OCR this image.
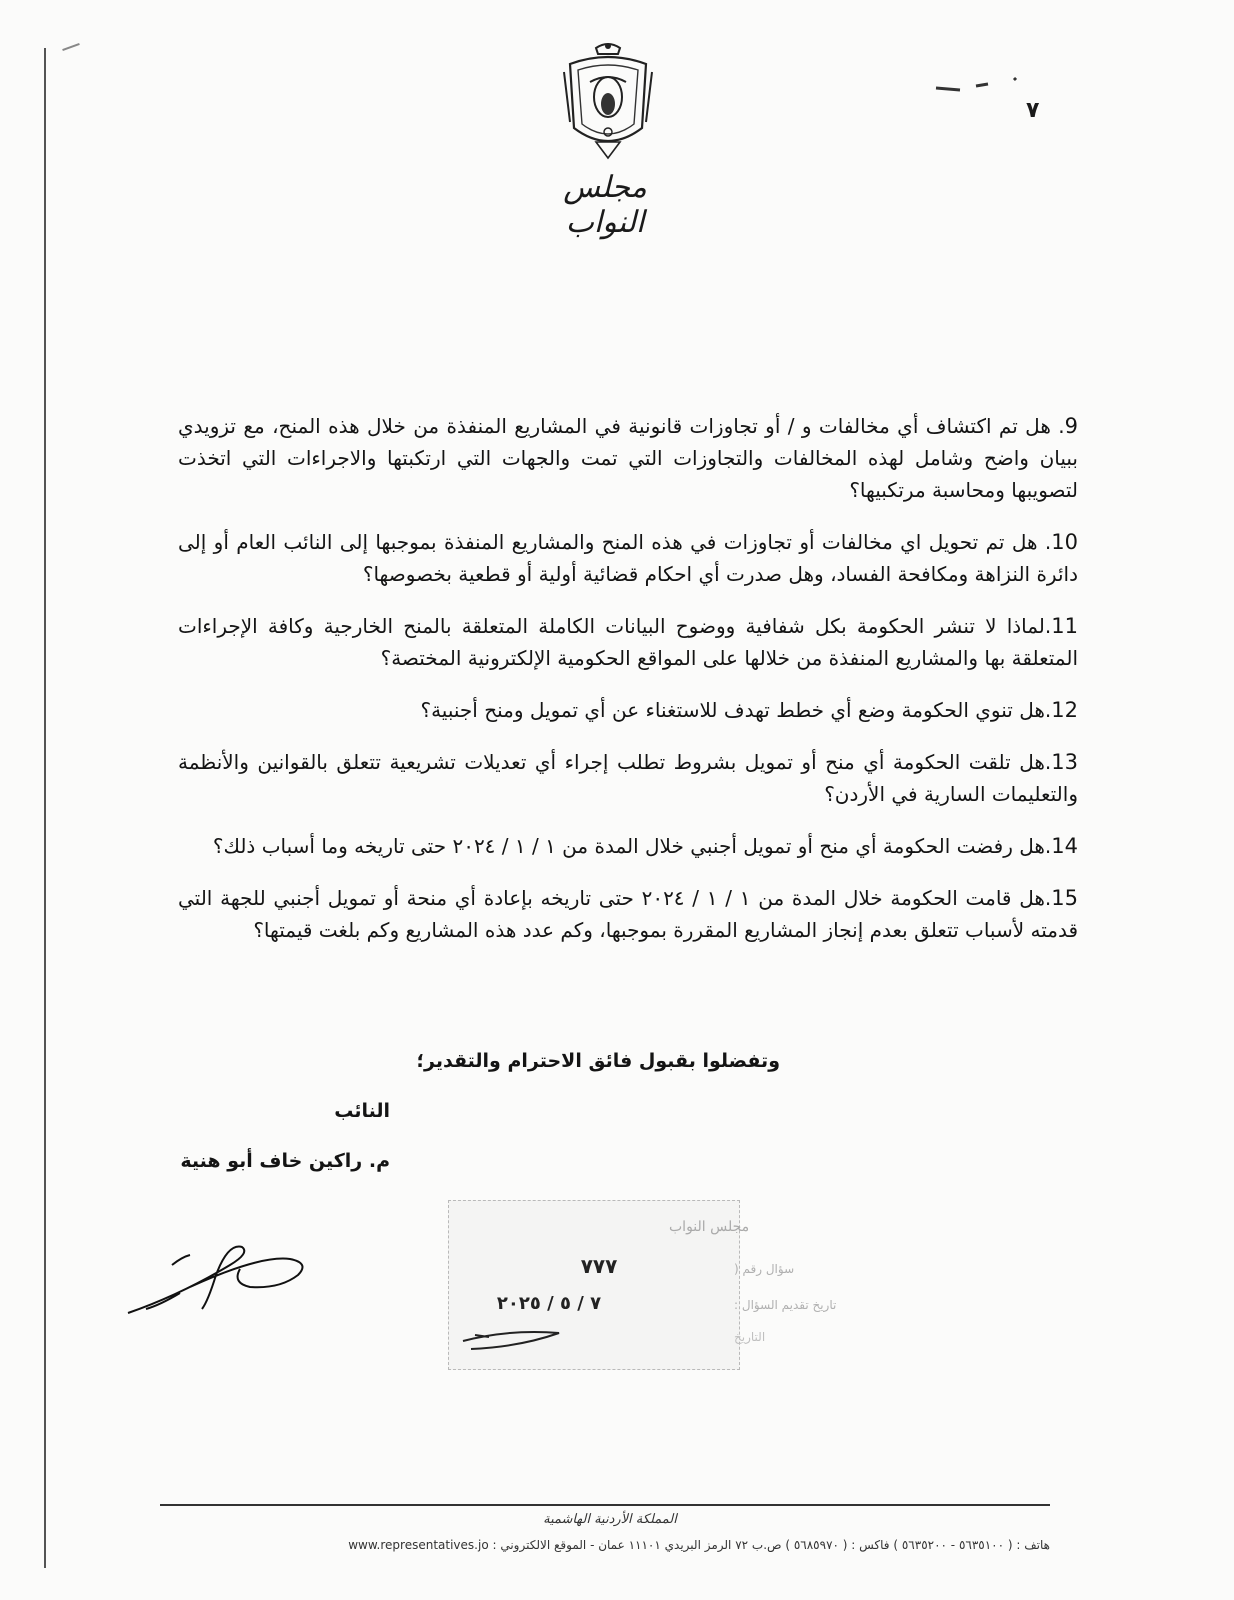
مجلس النواب
٧

9. هل تم اكتشاف أي مخالفات و / أو تجاوزات قانونية في المشاريع المنفذة من خلال هذه المنح، مع تزويدي ببيان واضح وشامل لهذه المخالفات والتجاوزات التي تمت والجهات التي ارتكبتها والاجراءات التي اتخذت لتصويبها ومحاسبة مرتكبيها؟

10. هل تم تحويل اي مخالفات أو تجاوزات في هذه المنح والمشاريع المنفذة بموجبها إلى النائب العام أو إلى دائرة النزاهة ومكافحة الفساد، وهل صدرت أي احكام قضائية أولية أو قطعية بخصوصها؟

11.لماذا لا تنشر الحكومة بكل شفافية ووضوح البيانات الكاملة المتعلقة بالمنح الخارجية وكافة الإجراءات المتعلقة بها والمشاريع المنفذة من خلالها على المواقع الحكومية الإلكترونية المختصة؟

12.هل تنوي الحكومة وضع أي خطط تهدف للاستغناء عن أي تمويل ومنح أجنبية؟

13.هل تلقت الحكومة أي منح أو تمويل بشروط تطلب إجراء أي تعديلات تشريعية تتعلق بالقوانين والأنظمة والتعليمات السارية في الأردن؟

14.هل رفضت الحكومة أي منح أو تمويل أجنبي خلال المدة من ١ / ١ / ٢٠٢٤ حتى تاريخه وما أسباب ذلك؟

15.هل قامت الحكومة خلال المدة من ١ / ١ / ٢٠٢٤ حتى تاريخه بإعادة أي منحة أو تمويل أجنبي للجهة التي قدمته لأسباب تتعلق بعدم إنجاز المشاريع المقررة بموجبها، وكم عدد هذه المشاريع وكم بلغت قيمتها؟

وتفضلوا بقبول فائق الاحترام والتقدير؛
النائب
م. راكين خاف أبو هنية
مجلس النواب
سؤال رقم (
٧٧٧
تاريخ تقديم السؤال :
٧ / ٥ / ٢٠٢٥
التاريخ
المملكة الأردنية الهاشمية
هاتف : ( ٥٦٣٥١٠٠ - ٥٦٣٥٢٠٠ ) فاكس : ( ٥٦٨٥٩٧٠ ) ص.ب ٧٢ الرمز البريدي ١١١٠١ عمان - الموقع الالكتروني : www.representatives.jo
